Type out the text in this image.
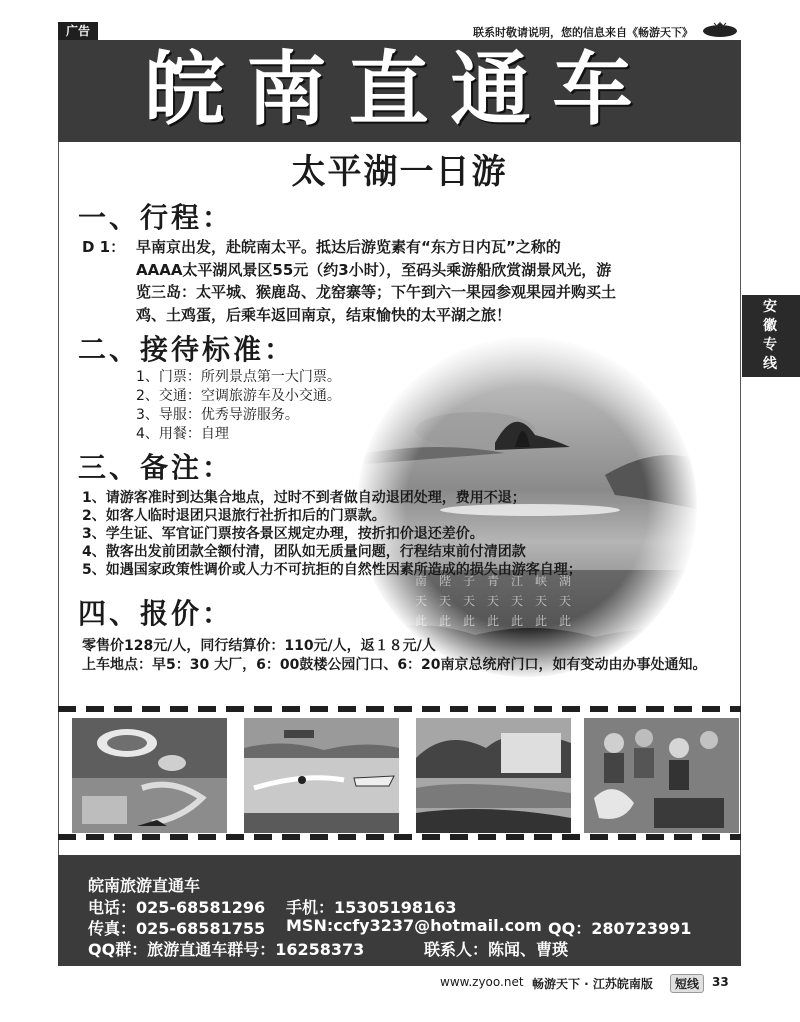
广告	联系时敬请说明，您的信息来自《畅游天下》
皖南直通车
太平湖一日游
一、行程：
D 1： 早南京出发，赴皖南太平。抵达后游览素有“东方日内瓦”之称的
AAAA太平湖风景区55元（约3小时），至码头乘游船欣赏湖景风光，游
览三岛：太平城、猴鹿岛、龙窑寨等；下午到六一果园参观果园并购买土
鸡、土鸡蛋，后乘车返回南京，结束愉快的太平湖之旅！
二、接待标准：
1、门票：所列景点第一大门票。
2、交通：空调旅游车及小交通。
3、导服：优秀导游服务。
4、用餐：自理
三、备注：
1、请游客准时到达集合地点，过时不到者做自动退团处理，费用不退；
2、如客人临时退团只退旅行社折扣后的门票款。
3、学生证、军官证门票按各景区规定办理，按折扣价退还差价。
4、散客出发前团款全额付清，团队如无质量问题，行程结束前付清团款
5、如遇国家政策性调价或人力不可抗拒的自然性因素所造成的损失由游客自理；
四、报价：
零售价128元/人，同行结算价：110元/人，返１８元/人
上车地点：早5：30 大厂，6：00鼓楼公园门口、6：20南京总统府门口，如有变动由办事处通知。
安徽专线
皖南旅游直通车
电话：025-68581296 手机：15305198163
传真：025-68581755 MSN:ccfy3237@hotmail.com QQ：280723991
QQ群：旅游直通车群号：16258373	联系人：陈闻、曹瑛
www.zyoo.net 畅游天下 · 江苏皖南版	短线	33
